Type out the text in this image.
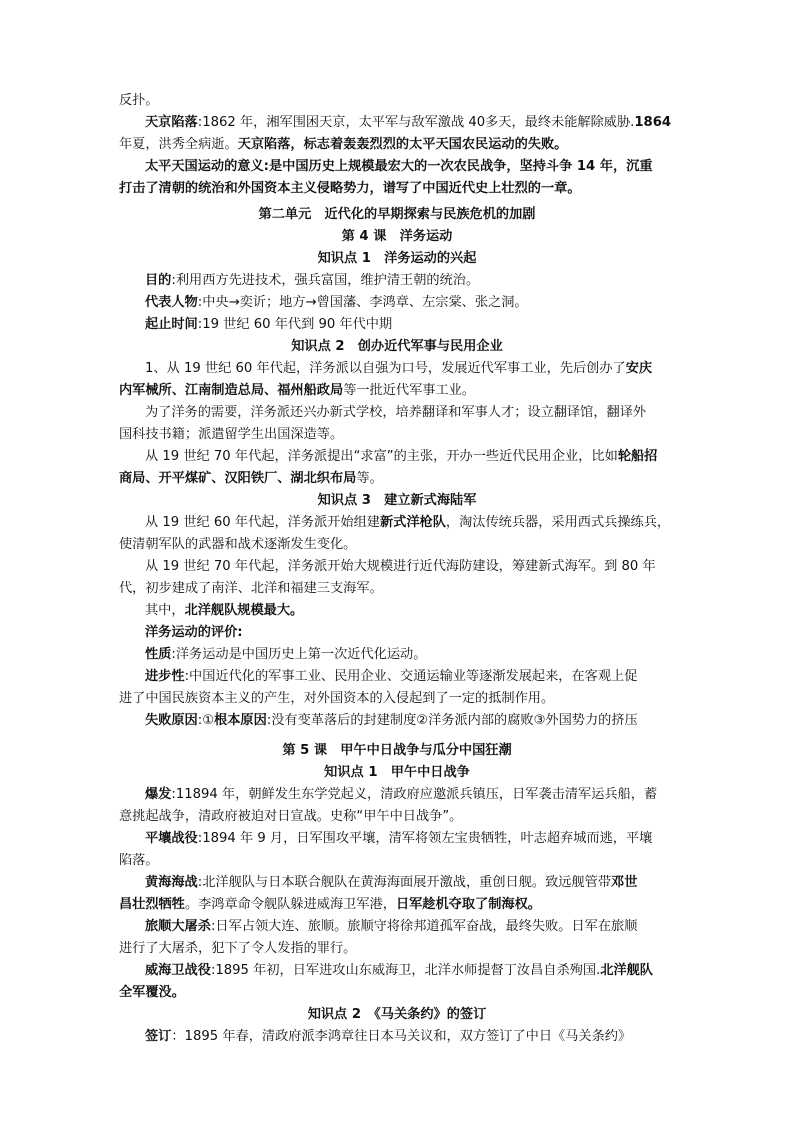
反扑。
天京陷落:1862 年，湘军围困天京，太平军与敌军激战 40多天，最终未能解除威胁.1864
年夏，洪秀全病逝。天京陷落，标志着轰轰烈烈的太平天国农民运动的失败。
太平天国运动的意义:是中国历史上规模最宏大的一次农民战争，坚持斗争 14 年，沉重
打击了清朝的统治和外国资本主义侵略势力，谱写了中国近代史上壮烈的一章。
第二单元　近代化的早期探索与民族危机的加剧
第 4 课　洋务运动
知识点 1　洋务运动的兴起
目的:利用西方先进技术，强兵富国，维护清王朝的统治。
代表人物:中央→奕䜣；地方→曾国藩、李鸿章、左宗棠、张之洞。
起止时间:19 世纪 60 年代到 90 年代中期
知识点 2　创办近代军事与民用企业
1、从 19 世纪 60 年代起，洋务派以自强为口号，发展近代军事工业，先后创办了安庆
内军械所、江南制造总局、福州船政局等一批近代军事工业。
为了洋务的需要，洋务派还兴办新式学校，培养翻译和军事人才；设立翻译馆，翻译外
国科技书籍；派遣留学生出国深造等。
从 19 世纪 70 年代起，洋务派提出“求富”的主张，开办一些近代民用企业，比如轮船招
商局、开平煤矿、汉阳铁厂、湖北织布局等。
知识点 3　建立新式海陆军
从 19 世纪 60 年代起，洋务派开始组建新式洋枪队，淘汰传统兵器，采用西式兵操练兵，
使清朝军队的武器和战术逐渐发生变化。
从 19 世纪 70 年代起，洋务派开始大规模进行近代海防建设，筹建新式海军。到 80 年
代，初步建成了南洋、北洋和福建三支海军。
其中，北洋舰队规模最大。
洋务运动的评价:
性质:洋务运动是中国历史上第一次近代化运动。
进步性:中国近代化的军事工业、民用企业、交通运输业等逐渐发展起来，在客观上促
进了中国民族资本主义的产生，对外国资本的入侵起到了一定的抵制作用。
失败原因:①根本原因:没有变革落后的封建制度②洋务派内部的腐败③外国势力的挤压
第 5 课　甲午中日战争与瓜分中国狂潮
知识点 1　甲午中日战争
爆发:11894 年，朝鲜发生东学党起义，清政府应邀派兵镇压，日军袭击清军运兵船，蓄
意挑起战争，清政府被迫对日宣战。史称“甲午中日战争”。
平壤战役:1894 年 9 月，日军围攻平壤，清军将领左宝贵牺牲，叶志超弃城而逃，平壤
陷落。
黄海海战:北洋舰队与日本联合舰队在黄海海面展开激战，重创日舰。致远舰管带邓世
昌壮烈牺牲。李鸿章命令舰队躲进威海卫军港，日军趁机夺取了制海权。
旅顺大屠杀:日军占领大连、旅顺。旅顺守将徐邦道孤军奋战，最终失败。日军在旅顺
进行了大屠杀，犯下了令人发指的罪行。
威海卫战役:1895 年初，日军进攻山东威海卫，北洋水师提督丁汝昌自杀殉国.北洋舰队
全军覆没。
知识点 2　《马关条约》的签订
签订：1895 年春，清政府派李鸿章往日本马关议和，双方签订了中日《马关条约》
